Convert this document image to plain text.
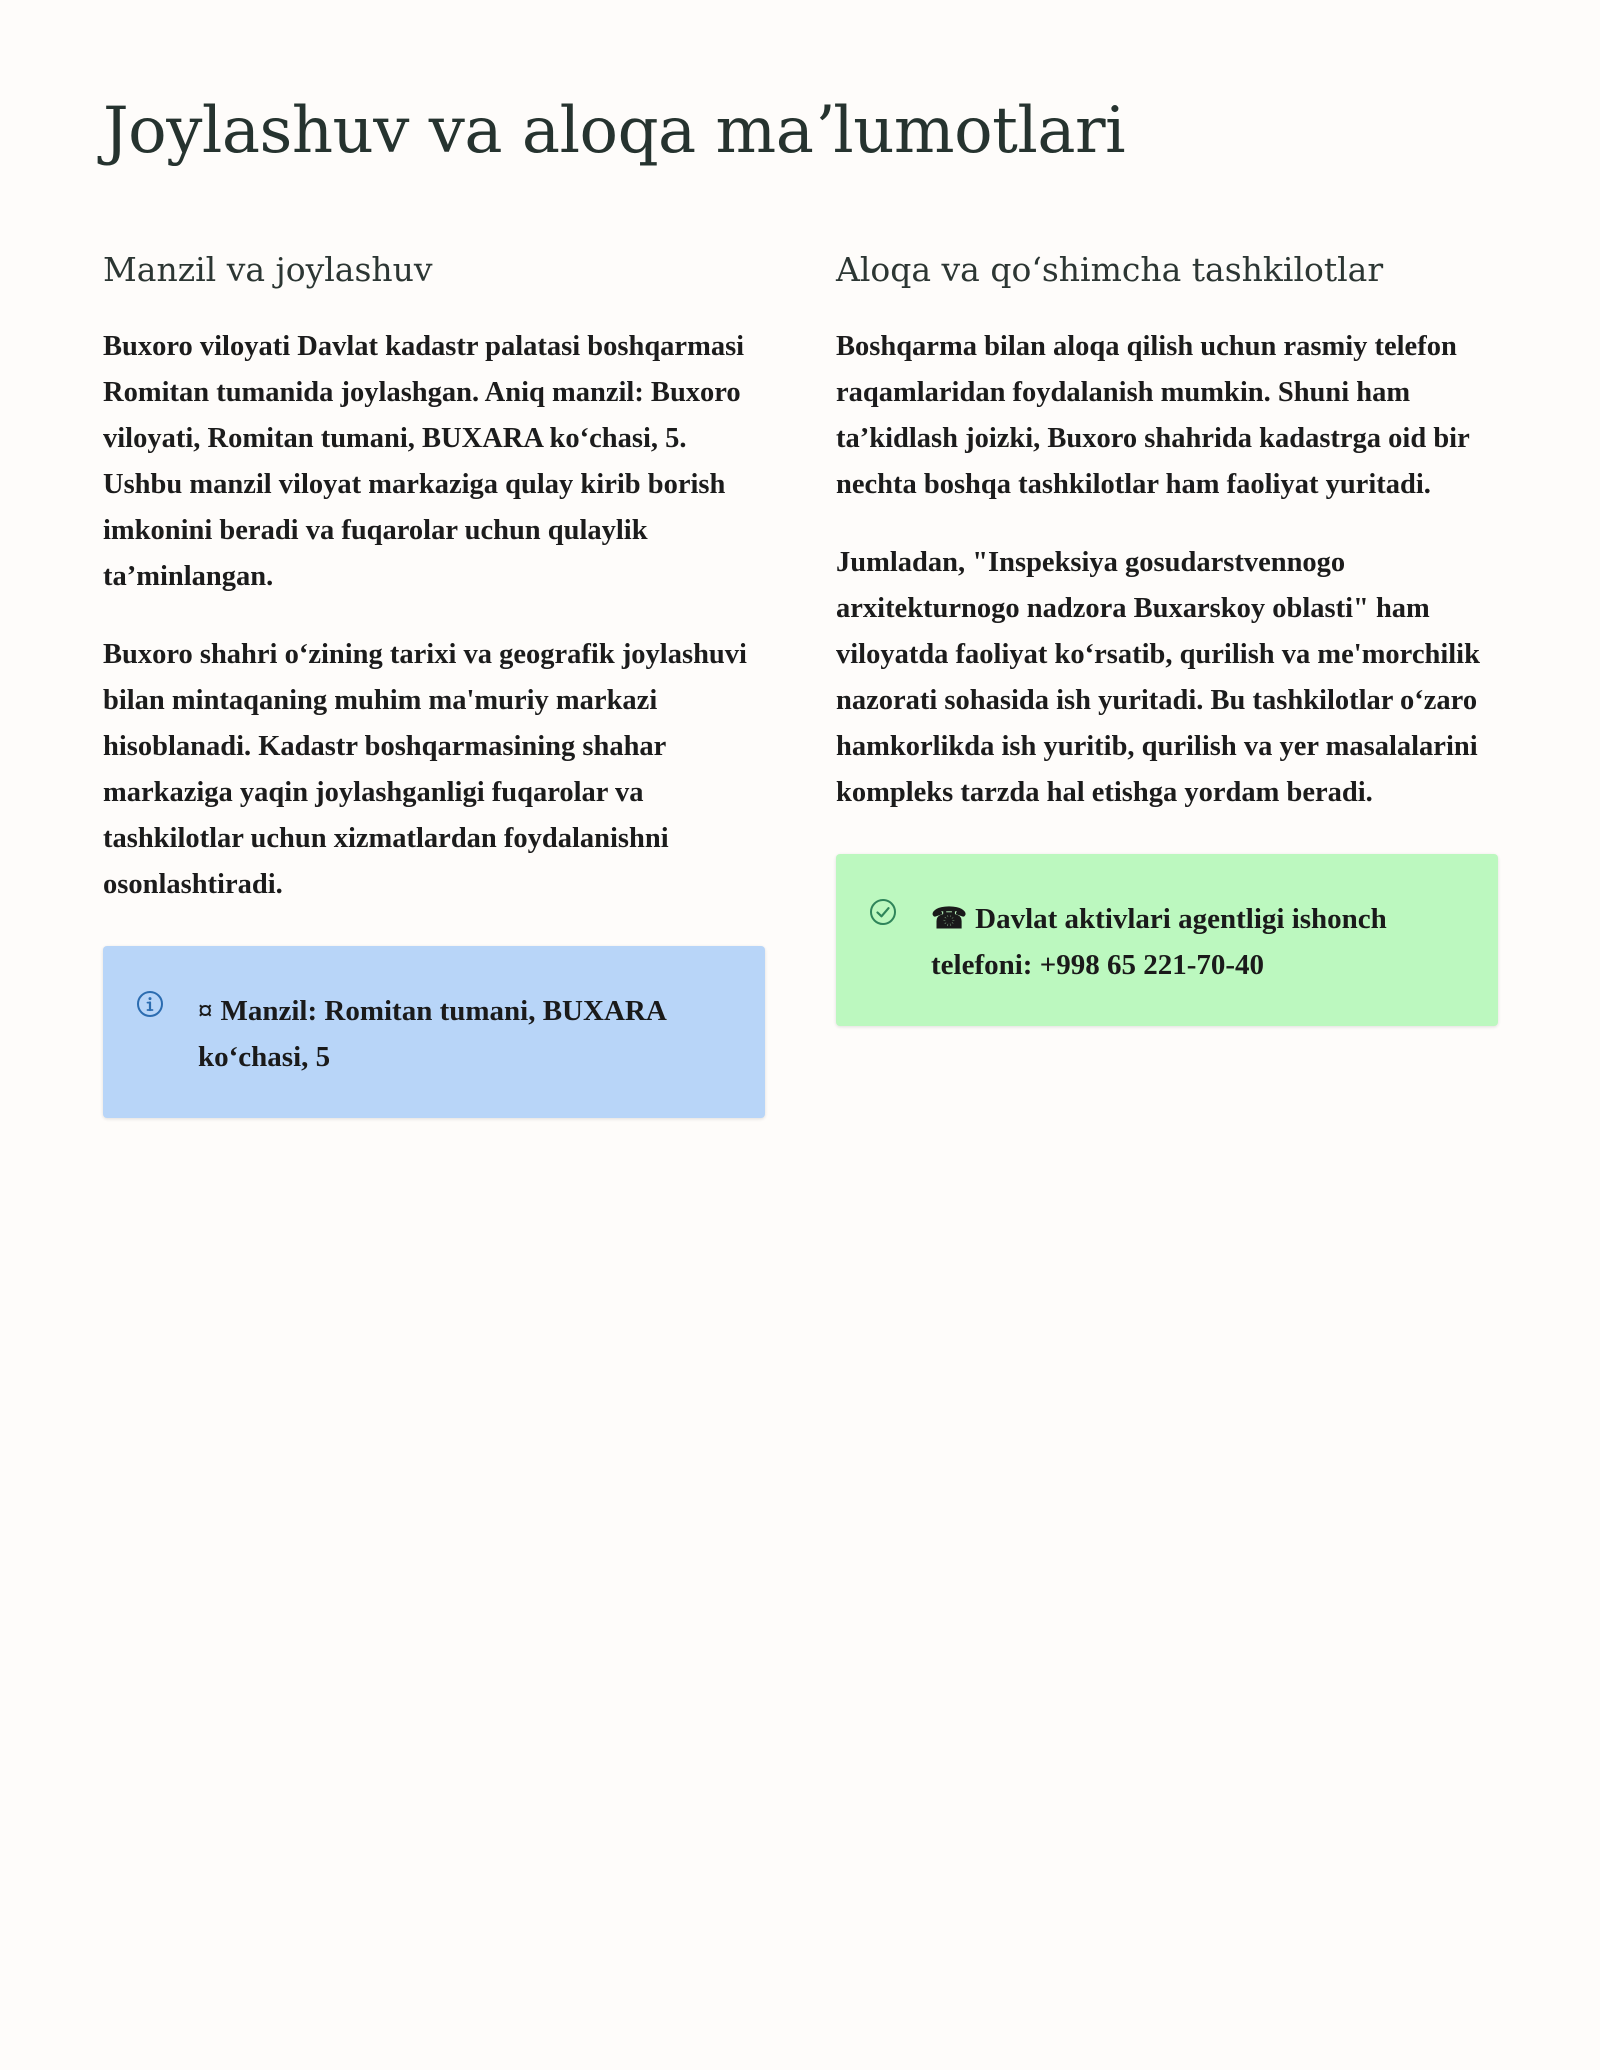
Joylashuv va aloqa maʼlumotlari
Manzil va joylashuv

Buxoro viloyati Davlat kadastr palatasi boshqarmasi Romitan tumanida joylashgan. Aniq manzil: Buxoro viloyati, Romitan tumani, BUXARA koʻchasi, 5. Ushbu manzil viloyat markaziga qulay kirib borish imkonini beradi va fuqarolar uchun qulaylik taʼminlangan.

Buxoro shahri oʻzining tarixi va geografik joylashuvi bilan mintaqaning muhim ma'muriy markazi hisoblanadi. Kadastr boshqarmasining shahar markaziga yaqin joylashganligi fuqarolar va tashkilotlar uchun xizmatlardan foydalanishni osonlashtiradi.

¤ Manzil: Romitan tumani, BUXARA koʻchasi, 5
Aloqa va qoʻshimcha tashkilotlar

Boshqarma bilan aloqa qilish uchun rasmiy telefon raqamlaridan foydalanish mumkin. Shuni ham taʼkidlash joizki, Buxoro shahrida kadastrga oid bir nechta boshqa tashkilotlar ham faoliyat yuritadi.

Jumladan, "Inspeksiya gosudarstvennogo arxitekturnogo nadzora Buxarskoy oblasti" ham viloyatda faoliyat koʻrsatib, qurilish va me'morchilik nazorati sohasida ish yuritadi. Bu tashkilotlar oʻzaro hamkorlikda ish yuritib, qurilish va yer masalalarini kompleks tarzda hal etishga yordam beradi.

☎ Davlat aktivlari agentligi ishonch telefoni: +998 65 221-70-40
